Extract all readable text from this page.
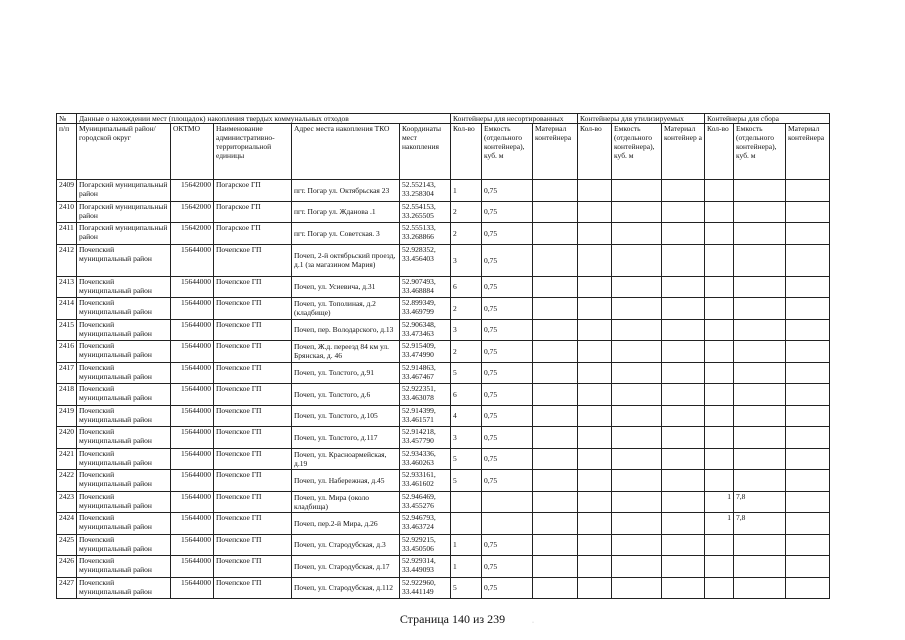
№	Данные о нахождении мест (площадок) накопления твердых коммунальных отходов					Контейнеры для несортированных			Контейнеры для утилизируемых			Контейнеры для сбора		
п/п	Муниципальный район/городской округ	ОКТМО	Наименование административно-территориальной единицы	Адрес места накопления ТКО	Координаты мест накопления	Кол-во	Емкость (отдельного контейнера), куб. м	Материал контейнера	Кол-во	Емкость (отдельного контейнера), куб. м	Материал контейнер а	Кол-во	Емкость (отдельного контейнера), куб. м	Материал контейнера
2409	Погарский муниципальный район	15642000	Погарское ГП	пгт. Погар ул. Октябрьская 23	52.552143, 33.258304	1	0,75							
2410	Погарский муниципальный район	15642000	Погарское ГП	пгт. Погар ул. Жданова .1	52.554153, 33.265505	2	0,75							
2411	Погарский муниципальный район	15642000	Погарское ГП	пгт. Погар ул. Советская. 3	52.555133, 33.268866	2	0,75							
2412	Почепский муниципальный район	15644000	Почепское ГП	Почеп, 2-й октябрьский проезд, д.1 (за магазином Мария)	52.928352, 33.456403	3	0,75							
2413	Почепский муниципальный район	15644000	Почепское ГП	Почеп, ул. Усиевича, д.31	52.907493, 33.468884	6	0,75							
2414	Почепский муниципальный район	15644000	Почепское ГП	Почеп, ул. Тополиная, д.2 (кладбище)	52.899349, 33.469799	2	0,75							
2415	Почепский муниципальный район	15644000	Почепское ГП	Почеп, пер. Володарского, д.13	52.906348, 33.473463	3	0,75							
2416	Почепский муниципальный район	15644000	Почепское ГП	Почеп, Ж.д. переезд 84 км ул. Брянская, д. 46	52.915409, 33.474990	2	0,75							
2417	Почепский муниципальный район	15644000	Почепское ГП	Почеп, ул. Толстого, д.91	52.914863, 33.467467	5	0,75							
2418	Почепский муниципальный район	15644000	Почепское ГП	Почеп, ул. Толстого, д.6	52.922351, 33.463078	6	0,75							
2419	Почепский муниципальный район	15644000	Почепское ГП	Почеп, ул. Толстого, д.105	52.914399, 33.461571	4	0,75							
2420	Почепский муниципальный район	15644000	Почепское ГП	Почеп, ул. Толстого, д.117	52.914218, 33.457790	3	0,75							
2421	Почепский муниципальный район	15644000	Почепское ГП	Почеп, ул. Красноармейская, д.19	52.934336, 33.460263	5	0,75							
2422	Почепский муниципальный район	15644000	Почепское ГП	Почеп, ул. Набережная, д.45	52.933161, 33.461602	5	0,75							
2423	Почепский муниципальный район	15644000	Почепское ГП	Почеп, ул. Мира (около кладбища)	52.946469, 33.455276							1	7,8	
2424	Почепский муниципальный район	15644000	Почепское ГП	Почеп, пер.2-й Мира, д.26	52.946793, 33.463724							1	7,8	
2425	Почепский муниципальный район	15644000	Почепское ГП	Почеп, ул. Стародубская, д.3	52.929215, 33.450506	1	0,75							
2426	Почепский муниципальный район	15644000	Почепское ГП	Почеп, ул. Стародубская, д.17	52.929314, 33.449093	1	0,75							
2427	Почепский муниципальный район	15644000	Почепское ГП	Почеп, ул. Стародубская, д.112	52.922960, 33.441149	5	0,75							
Страница 140 из 239	·
